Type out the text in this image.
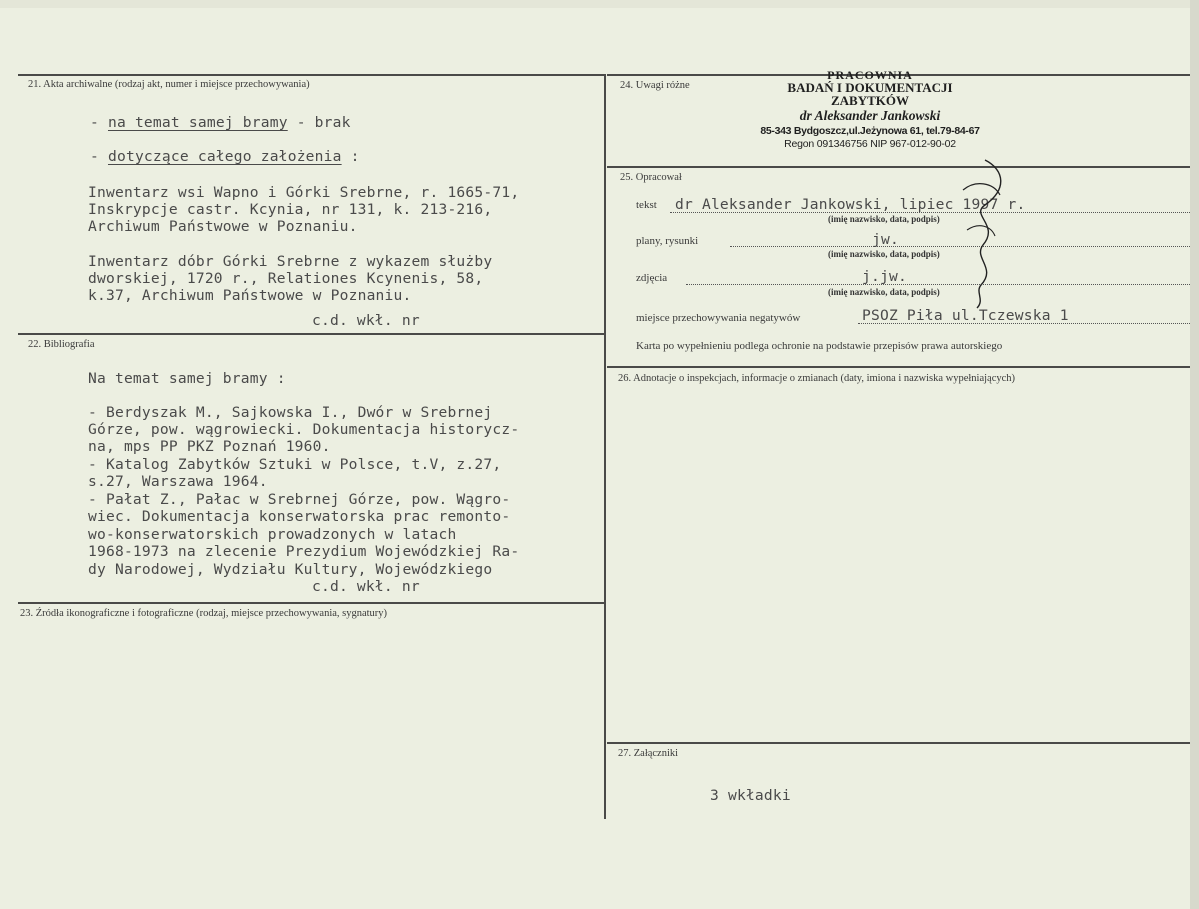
21. Akta archiwalne (rodzaj akt, numer i miejsce przechowywania)
- na temat samej bramy - brak
- dotyczące całego założenia :
Inwentarz wsi Wapno i Górki Srebrne, r. 1665-71,
Inskrypcje castr. Kcynia, nr 131, k. 213-216,
Archiwum Państwowe w Poznaniu.
Inwentarz dóbr Górki Srebrne z wykazem służby
dworskiej, 1720 r., Relationes Kcynenis, 58,
k.37, Archiwum Państwowe w Poznaniu.
c.d. wkł. nr
22. Bibliografia
Na temat samej bramy :
- Berdyszak M., Sajkowska I., Dwór w Srebrnej
Górze, pow. wągrowiecki. Dokumentacja historycz-
na, mps PP PKZ Poznań 1960.
- Katalog Zabytków Sztuki w Polsce, t.V, z.27,
s.27, Warszawa 1964.
- Pałat Z., Pałac w Srebrnej Górze, pow. Wągro-
wiec. Dokumentacja konserwatorska prac remonto-
wo-konserwatorskich prowadzonych w latach
1968-1973 na zlecenie Prezydium Wojewódzkiej Ra-
dy Narodowej, Wydziału Kultury, Wojewódzkiego
c.d. wkł. nr
23. Źródła ikonograficzne i fotograficzne (rodzaj, miejsce przechowywania, sygnatury)
24. Uwagi różne
PRACOWNIA
BADAŃ I DOKUMENTACJI
ZABYTKÓW
dr Aleksander Jankowski
85-343 Bydgoszcz,ul.Jeżynowa 61, tel.79-84-67
Regon 091346756 NIP 967-012-90-02
25. Opracował
tekst dr Aleksander Jankowski, lipiec 1997 r.
(imię nazwisko, data, podpis)
plany, rysunki	jw.
(imię nazwisko, data, podpis)
zdjęcia	j.jw.
(imię nazwisko, data, podpis)
miejsce przechowywania negatywów	PSOZ Piła ul.Tczewska 1
Karta po wypełnieniu podlega ochronie na podstawie przepisów prawa autorskiego
26. Adnotacje o inspekcjach, informacje o zmianach (daty, imiona i nazwiska wypełniających)
27. Załączniki
3 wkładki
